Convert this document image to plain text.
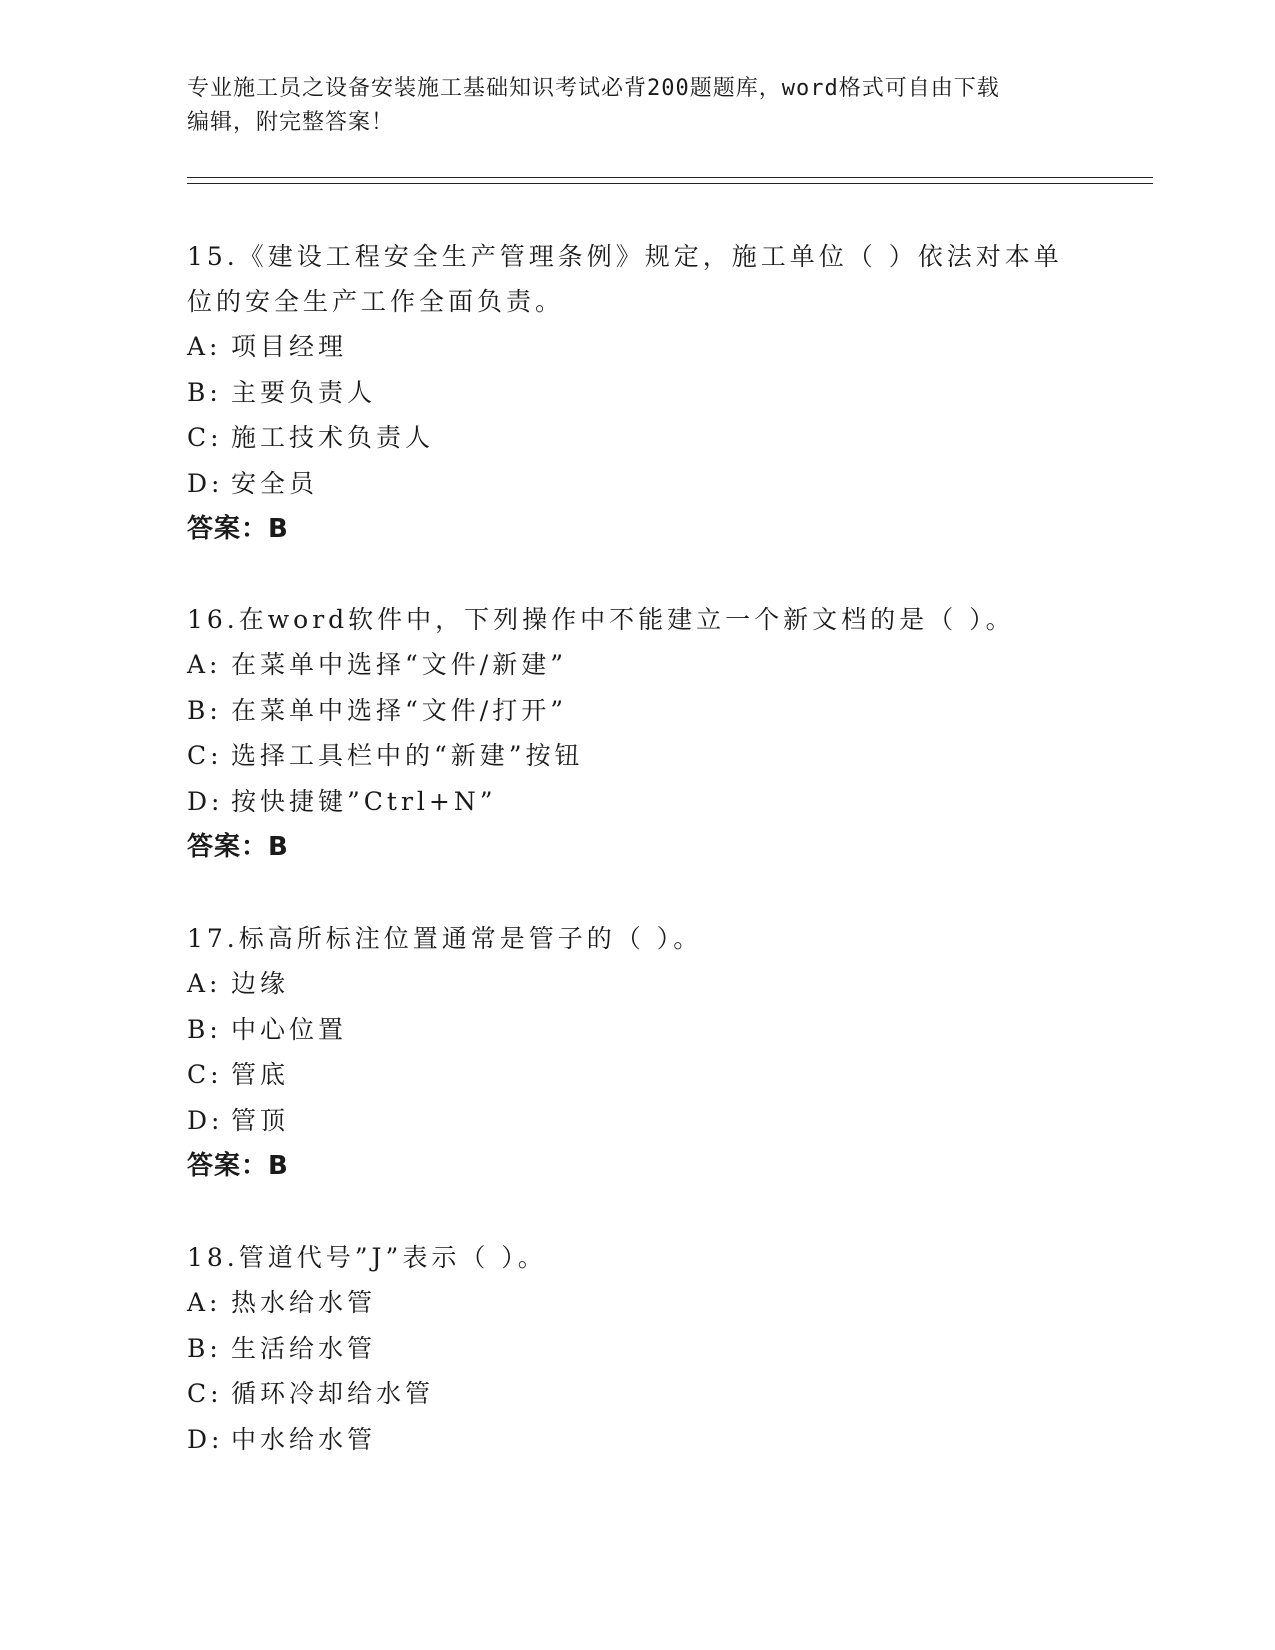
专业施工员之设备安装施工基础知识考试必背200题题库，word格式可自由下载
编辑，附完整答案！

15.《建设工程安全生产管理条例》规定，施工单位（ ）依法对本单

位的安全生产工作全面负责。

A: 项目经理

B: 主要负责人

C: 施工技术负责人

D: 安全员

答案：B

16.在word软件中，下列操作中不能建立一个新文档的是（ ）。

A: 在菜单中选择“文件/新建”

B: 在菜单中选择“文件/打开”

C: 选择工具栏中的“新建”按钮

D: 按快捷键”Ctrl+N”

答案：B

17.标高所标注位置通常是管子的（ ）。

A: 边缘

B: 中心位置

C: 管底

D: 管顶

答案：B

18.管道代号”J”表示（ ）。

A: 热水给水管

B: 生活给水管

C: 循环冷却给水管

D: 中水给水管
